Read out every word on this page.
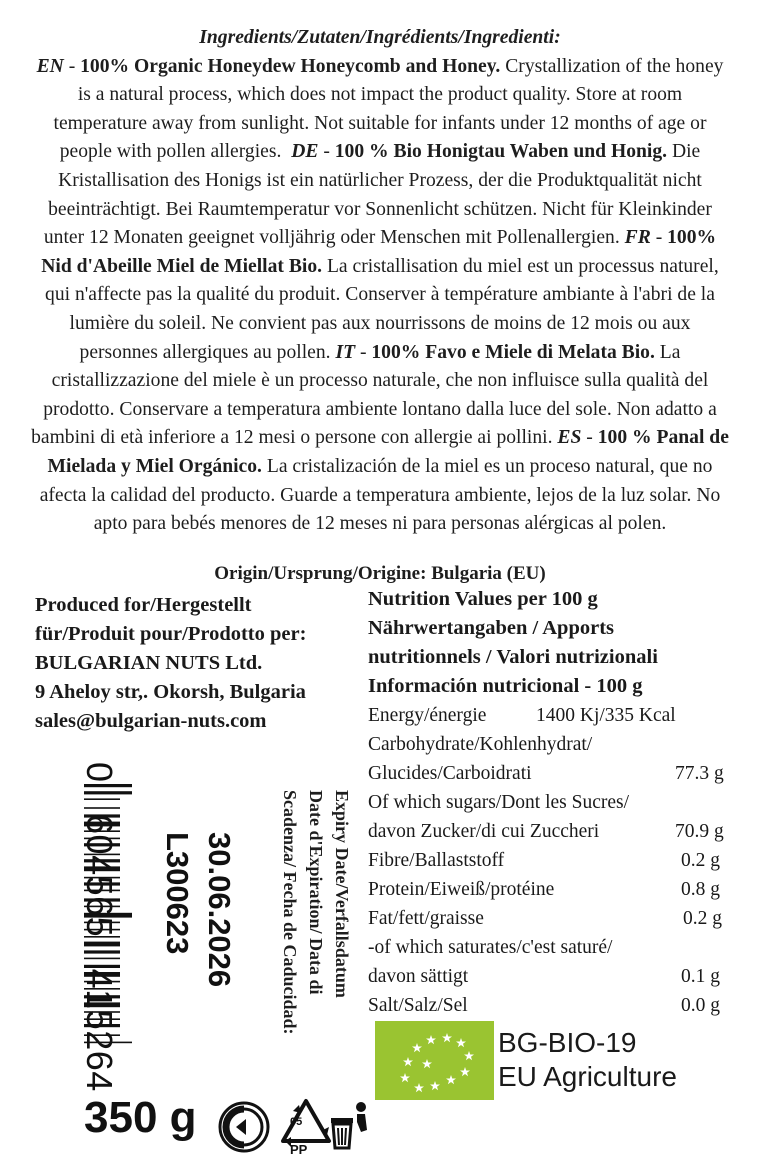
Ingredients/Zutaten/Ingrédients/Ingredienti:
EN - 100% Organic Honeydew Honeycomb and Honey. Crystallization of the honey is a natural process, which does not impact the product quality. Store at room temperature away from sunlight. Not suitable for infants under 12 months of age or people with pollen allergies. DE - 100 % Bio Honigtau Waben und Honig. Die Kristallisation des Honigs ist ein natürlicher Prozess, der die Produktqualität nicht beeinträchtigt. Bei Raumtemperatur vor Sonnenlicht schützen. Nicht für Kleinkinder unter 12 Monaten geeignet volljährig oder Menschen mit Pollenallergien. FR - 100% Nid d'Abeille Miel de Miellat Bio. La cristallisation du miel est un processus naturel, qui n'affecte pas la qualité du produit. Conserver à température ambiante à l'abri de la lumière du soleil. Ne convient pas aux nourrissons de moins de 12 mois ou aux personnes allergiques au pollen. IT - 100% Favo e Miele di Melata Bio. La cristallizzazione del miele è un processo naturale, che non influisce sulla qualità del prodotto. Conservare a temperatura ambiente lontano dalla luce del sole. Non adatto a bambini di età inferiore a 12 mesi o persone con allergie ai pollini. ES - 100 % Panal de Mielada y Miel Orgánico. La cristalización de la miel es un proceso natural, que no afecta la calidad del producto. Guarde a temperatura ambiente, lejos de la luz solar. No apto para bebés menores de 12 meses ni para personas alérgicas al polen.
Origin/Ursprung/Origine: Bulgaria (EU)
Produced for/Hergestellt
für/Produit pour/Prodotto per:
BULGARIAN NUTS Ltd.
9 Aheloy str,. Okorsh, Bulgaria
sales@bulgarian-nuts.com
Nutrition Values per 100 g
Nährwertangaben / Apports
nutritionnels / Valori nutrizionali
Información nutricional - 100 g
Energy/énergie	1400 Kj/335 Kcal
Carbohydrate/Kohlenhydrat/
Glucides/Carboidrati	77.3 g
Of which sugars/Dont les Sucres/
davon Zucker/di cui Zuccheri	70.9 g
Fibre/Ballaststoff	0.2 g
Protein/Eiweiß/protéine	0.8 g
Fat/fett/graisse	0.2 g
-of which saturates/c'est saturé/
davon sättigt	0.1 g
Salt/Salz/Sel	0.0 g
0   604565   415264	30.06.2026
L300623	Expiry Date/Verfallsdatum
Date d'Expiration/ Data di
Scadenza/ Fecha de Caducidad:
BG-BIO-19
EU Agriculture
350 g	05
PP
